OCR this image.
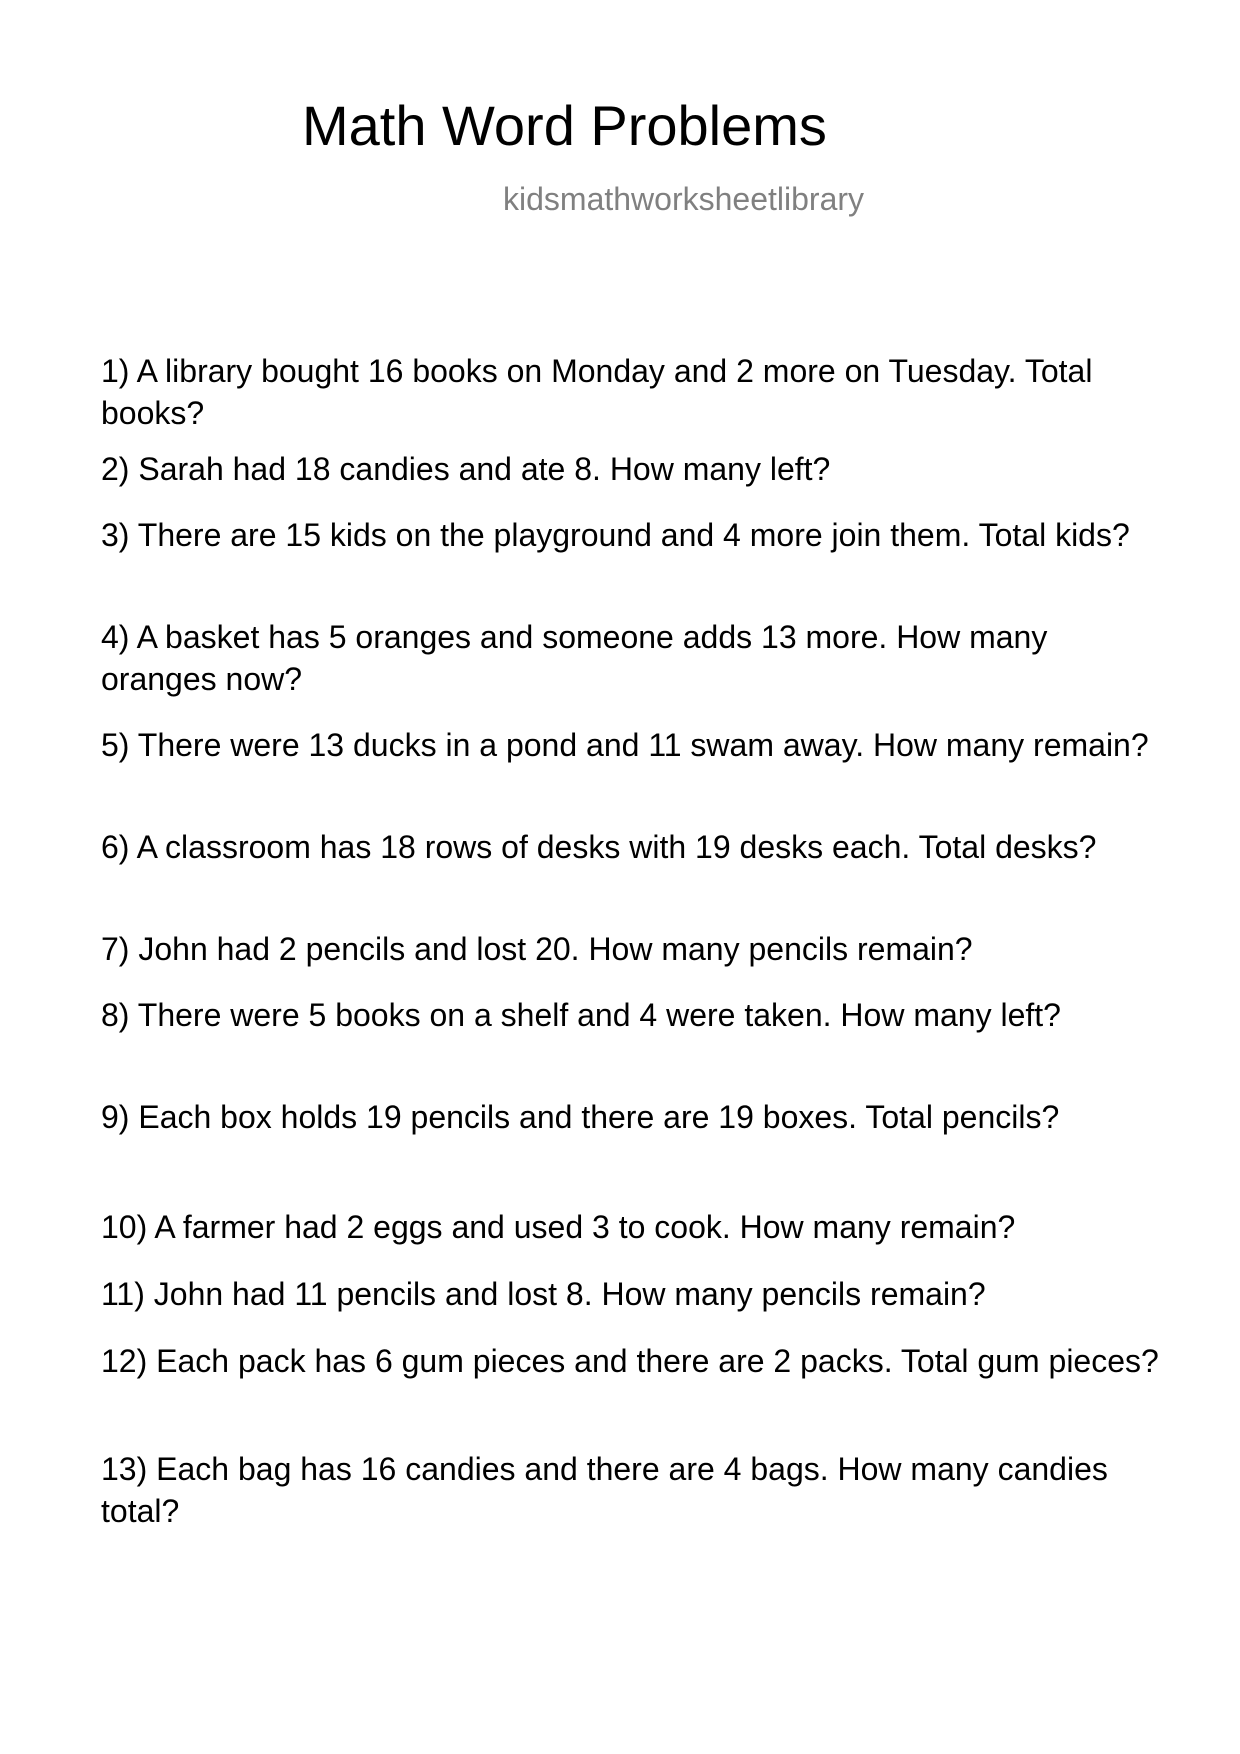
Math Word Problems
kidsmathworksheetlibrary

1) A library bought 16 books on Monday and 2 more on Tuesday. Total books?

2) Sarah had 18 candies and ate 8. How many left?

3) There are 15 kids on the playground and 4 more join them. Total kids?

4) A basket has 5 oranges and someone adds 13 more. How many oranges now?

5) There were 13 ducks in a pond and 11 swam away. How many remain?

6) A classroom has 18 rows of desks with 19 desks each. Total desks?

7) John had 2 pencils and lost 20. How many pencils remain?

8) There were 5 books on a shelf and 4 were taken. How many left?

9) Each box holds 19 pencils and there are 19 boxes. Total pencils?

10) A farmer had 2 eggs and used 3 to cook. How many remain?

11) John had 11 pencils and lost 8. How many pencils remain?

12) Each pack has 6 gum pieces and there are 2 packs. Total gum pieces?

13) Each bag has 16 candies and there are 4 bags. How many candies total?
